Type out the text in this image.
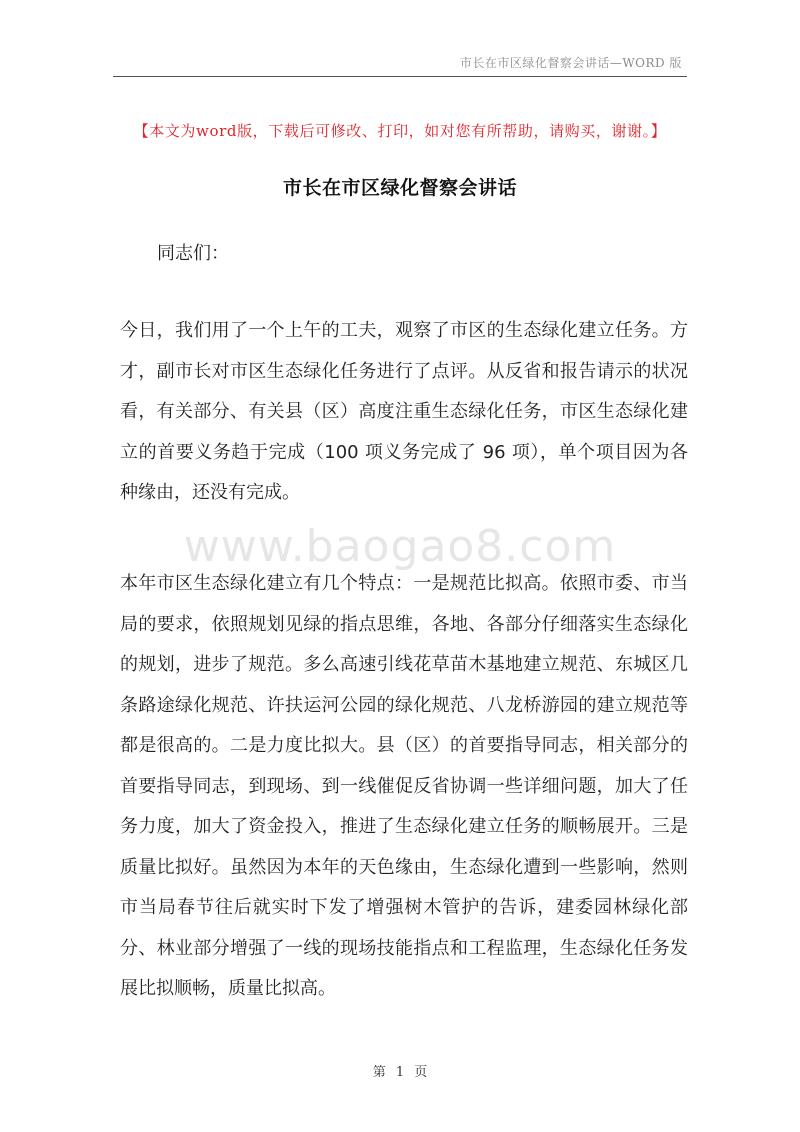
市长在市区绿化督察会讲话—WORD 版
【本文为word版，下载后可修改、打印，如对您有所帮助，请购买，谢谢。】
市长在市区绿化督察会讲话
同志们：
今日，我们用了一个上午的工夫，观察了市区的生态绿化建立任务。方才，副市长对市区生态绿化任务进行了点评。从反省和报告请示的状况看，有关部分、有关县（区）高度注重生态绿化任务，市区生态绿化建立的首要义务趋于完成（100 项义务完成了 96 项），单个项目因为各种缘由，还没有完成。
www.baogao8.com
本年市区生态绿化建立有几个特点：一是规范比拟高。依照市委、市当局的要求，依照规划见绿的指点思维，各地、各部分仔细落实生态绿化的规划，进步了规范。多么高速引线花草苗木基地建立规范、东城区几条路途绿化规范、许扶运河公园的绿化规范、八龙桥游园的建立规范等都是很高的。二是力度比拟大。县（区）的首要指导同志，相关部分的首要指导同志，到现场、到一线催促反省协调一些详细问题，加大了任务力度，加大了资金投入，推进了生态绿化建立任务的顺畅展开。三是质量比拟好。虽然因为本年的天色缘由，生态绿化遭到一些影响，然则市当局春节往后就实时下发了增强树木管护的告诉，建委园林绿化部分、林业部分增强了一线的现场技能指点和工程监理，生态绿化任务发展比拟顺畅，质量比拟高。
第 1 页
